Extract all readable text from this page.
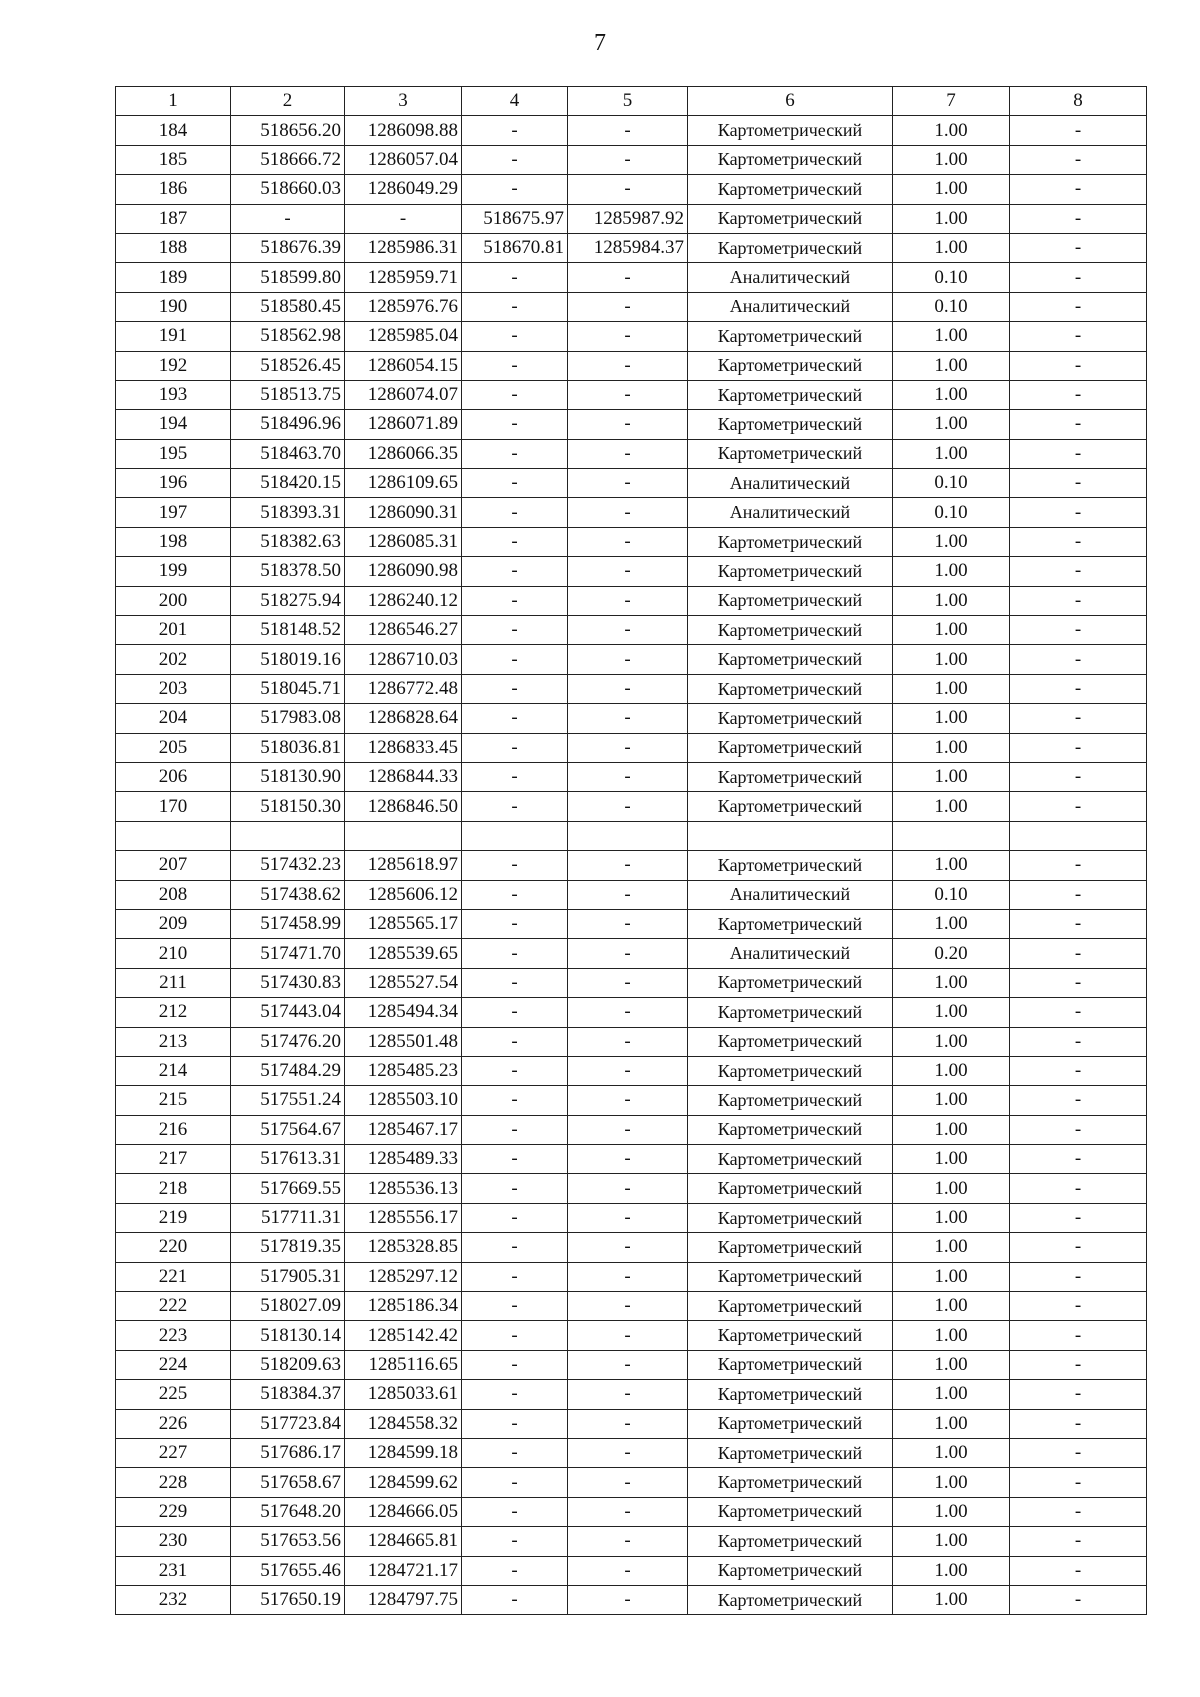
7
1	2	3	4	5	6	7	8
184	518656.20	1286098.88	-	-	Картометрический	1.00	-
185	518666.72	1286057.04	-	-	Картометрический	1.00	-
186	518660.03	1286049.29	-	-	Картометрический	1.00	-
187	-	-	518675.97	1285987.92	Картометрический	1.00	-
188	518676.39	1285986.31	518670.81	1285984.37	Картометрический	1.00	-
189	518599.80	1285959.71	-	-	Аналитический	0.10	-
190	518580.45	1285976.76	-	-	Аналитический	0.10	-
191	518562.98	1285985.04	-	-	Картометрический	1.00	-
192	518526.45	1286054.15	-	-	Картометрический	1.00	-
193	518513.75	1286074.07	-	-	Картометрический	1.00	-
194	518496.96	1286071.89	-	-	Картометрический	1.00	-
195	518463.70	1286066.35	-	-	Картометрический	1.00	-
196	518420.15	1286109.65	-	-	Аналитический	0.10	-
197	518393.31	1286090.31	-	-	Аналитический	0.10	-
198	518382.63	1286085.31	-	-	Картометрический	1.00	-
199	518378.50	1286090.98	-	-	Картометрический	1.00	-
200	518275.94	1286240.12	-	-	Картометрический	1.00	-
201	518148.52	1286546.27	-	-	Картометрический	1.00	-
202	518019.16	1286710.03	-	-	Картометрический	1.00	-
203	518045.71	1286772.48	-	-	Картометрический	1.00	-
204	517983.08	1286828.64	-	-	Картометрический	1.00	-
205	518036.81	1286833.45	-	-	Картометрический	1.00	-
206	518130.90	1286844.33	-	-	Картометрический	1.00	-
170	518150.30	1286846.50	-	-	Картометрический	1.00	-

207	517432.23	1285618.97	-	-	Картометрический	1.00	-
208	517438.62	1285606.12	-	-	Аналитический	0.10	-
209	517458.99	1285565.17	-	-	Картометрический	1.00	-
210	517471.70	1285539.65	-	-	Аналитический	0.20	-
211	517430.83	1285527.54	-	-	Картометрический	1.00	-
212	517443.04	1285494.34	-	-	Картометрический	1.00	-
213	517476.20	1285501.48	-	-	Картометрический	1.00	-
214	517484.29	1285485.23	-	-	Картометрический	1.00	-
215	517551.24	1285503.10	-	-	Картометрический	1.00	-
216	517564.67	1285467.17	-	-	Картометрический	1.00	-
217	517613.31	1285489.33	-	-	Картометрический	1.00	-
218	517669.55	1285536.13	-	-	Картометрический	1.00	-
219	517711.31	1285556.17	-	-	Картометрический	1.00	-
220	517819.35	1285328.85	-	-	Картометрический	1.00	-
221	517905.31	1285297.12	-	-	Картометрический	1.00	-
222	518027.09	1285186.34	-	-	Картометрический	1.00	-
223	518130.14	1285142.42	-	-	Картометрический	1.00	-
224	518209.63	1285116.65	-	-	Картометрический	1.00	-
225	518384.37	1285033.61	-	-	Картометрический	1.00	-
226	517723.84	1284558.32	-	-	Картометрический	1.00	-
227	517686.17	1284599.18	-	-	Картометрический	1.00	-
228	517658.67	1284599.62	-	-	Картометрический	1.00	-
229	517648.20	1284666.05	-	-	Картометрический	1.00	-
230	517653.56	1284665.81	-	-	Картометрический	1.00	-
231	517655.46	1284721.17	-	-	Картометрический	1.00	-
232	517650.19	1284797.75	-	-	Картометрический	1.00	-
